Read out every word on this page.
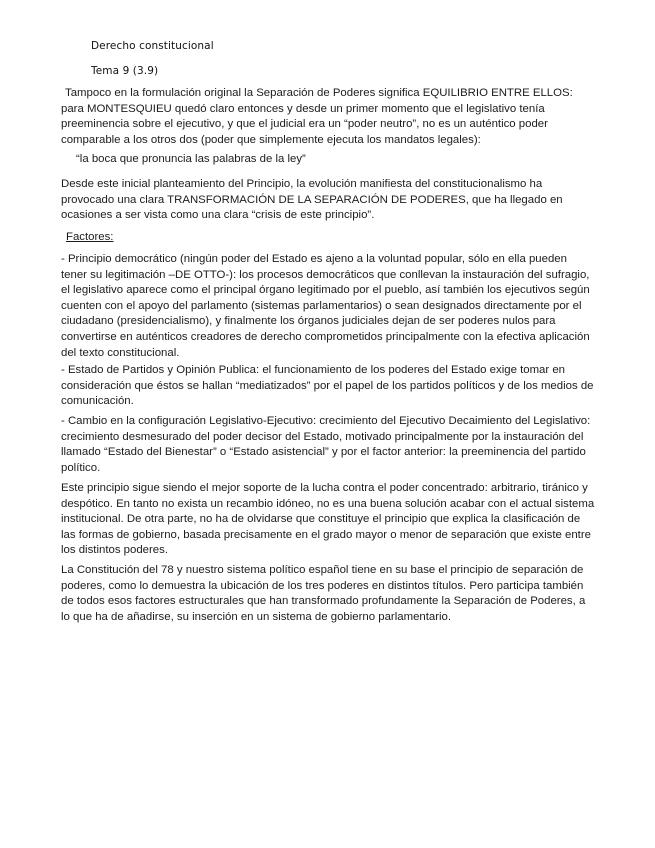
Derecho constitucional
Tema 9 (3.9)

Tampoco en la formulación original la Separación de Poderes significa EQUILIBRIO ENTRE ELLOS: para MONTESQUIEU quedó claro entonces y desde un primer momento que el legislativo tenía preeminencia sobre el ejecutivo, y que el judicial era un “poder neutro”, no es un auténtico poder comparable a los otros dos (poder que simplemente ejecuta los mandatos legales):

“la boca que pronuncia las palabras de la ley”

Desde este inicial planteamiento del Principio, la evolución manifiesta del constitucionalismo ha provocado una clara TRANSFORMACIÓN DE LA SEPARACIÓN DE PODERES, que ha llegado en ocasiones a ser vista como una clara “crisis de este principio”.

Factores:

- Principio democrático (ningún poder del Estado es ajeno a la voluntad popular, sólo en ella pueden tener su legitimación –DE OTTO-): los procesos democráticos que conllevan la instauración del sufragio, el legislativo aparece como el principal órgano legitimado por el pueblo, así también los ejecutivos según cuenten con el apoyo del parlamento (sistemas parlamentarios) o sean designados directamente por el ciudadano (presidencialismo), y finalmente los órganos judiciales dejan de ser poderes nulos para convertirse en auténticos creadores de derecho comprometidos principalmente con la efectiva aplicación del texto constitucional.

- Estado de Partidos y Opinión Publica: el funcionamiento de los poderes del Estado exige tomar en consideración que éstos se hallan “mediatizados” por el papel de los partidos políticos y de los medios de comunicación.

- Cambio en la configuración Legislativo-Ejecutivo: crecimiento del Ejecutivo Decaimiento del Legislativo: crecimiento desmesurado del poder decisor del Estado, motivado principalmente por la instauración del llamado “Estado del Bienestar” o “Estado asistencial” y por el factor anterior: la preeminencia del partido político.

Este principio sigue siendo el mejor soporte de la lucha contra el poder concentrado: arbitrario, tiránico y despótico. En tanto no exista un recambio idóneo, no es una buena solución acabar con el actual sistema institucional. De otra parte, no ha de olvidarse que constituye el principio que explica la clasificación de las formas de gobierno, basada precisamente en el grado mayor o menor de separación que existe entre los distintos poderes.

La Constitución del 78 y nuestro sistema político español tiene en su base el principio de separación de poderes, como lo demuestra la ubicación de los tres poderes en distintos títulos. Pero participa también de todos esos factores estructurales que han transformado profundamente la Separación de Poderes, a lo que ha de añadirse, su inserción en un sistema de gobierno parlamentario.
